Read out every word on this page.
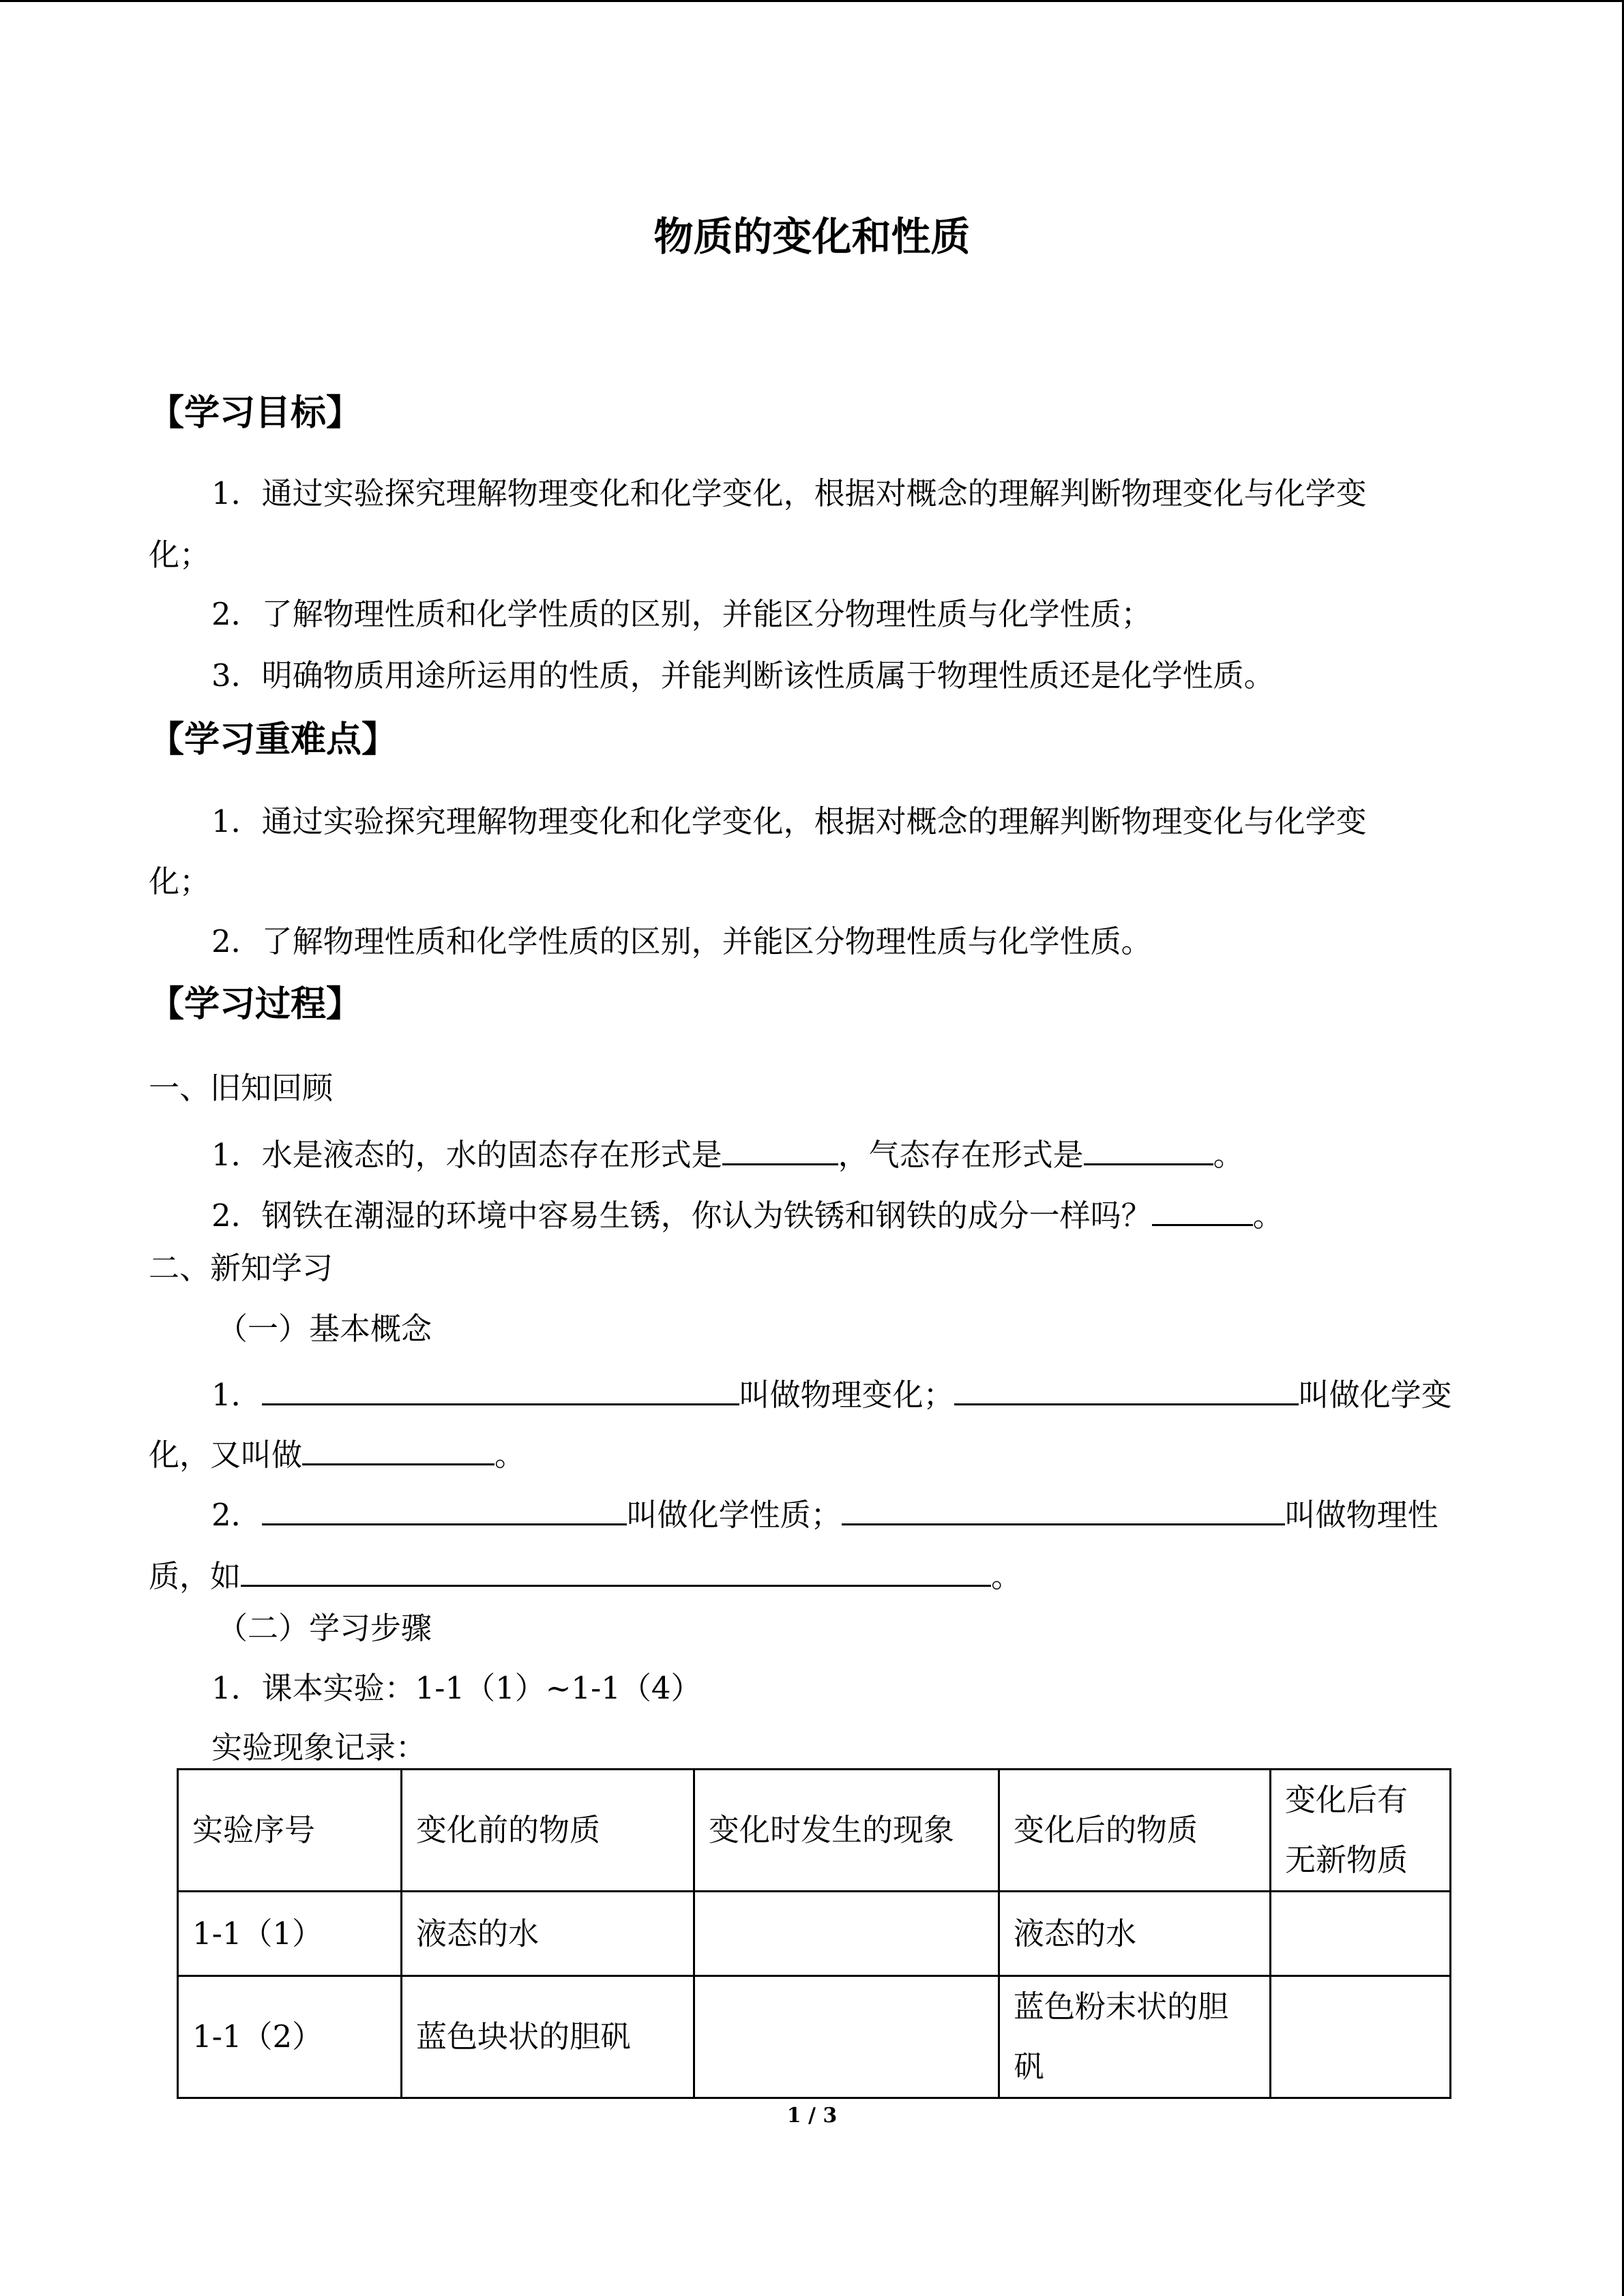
物质的变化和性质
【学习目标】
1．通过实验探究理解物理变化和化学变化，根据对概念的理解判断物理变化与化学变
化；
2．了解物理性质和化学性质的区别，并能区分物理性质与化学性质；
3．明确物质用途所运用的性质，并能判断该性质属于物理性质还是化学性质。
【学习重难点】
1．通过实验探究理解物理变化和化学变化，根据对概念的理解判断物理变化与化学变
化；
2．了解物理性质和化学性质的区别，并能区分物理性质与化学性质。
【学习过程】
一、旧知回顾
1．水是液态的，水的固态存在形式是	，气态存在形式是	。
2．钢铁在潮湿的环境中容易生锈，你认为铁锈和钢铁的成分一样吗？	。
二、新知学习
（一）基本概念
1．	叫做物理变化；	叫做化学变
化，又叫做	。
2．	叫做化学性质；	叫做物理性
质，如	。
（二）学习步骤
1．课本实验：1-1（1）~1-1（4）
实验现象记录：
实验序号	变化前的物质	变化时发生的现象	变化后的物质	变化后有无新物质
1-1（1）	液态的水		液态的水	
1-1（2）	蓝色块状的胆矾		蓝色粉末状的胆矾	
1 / 3
